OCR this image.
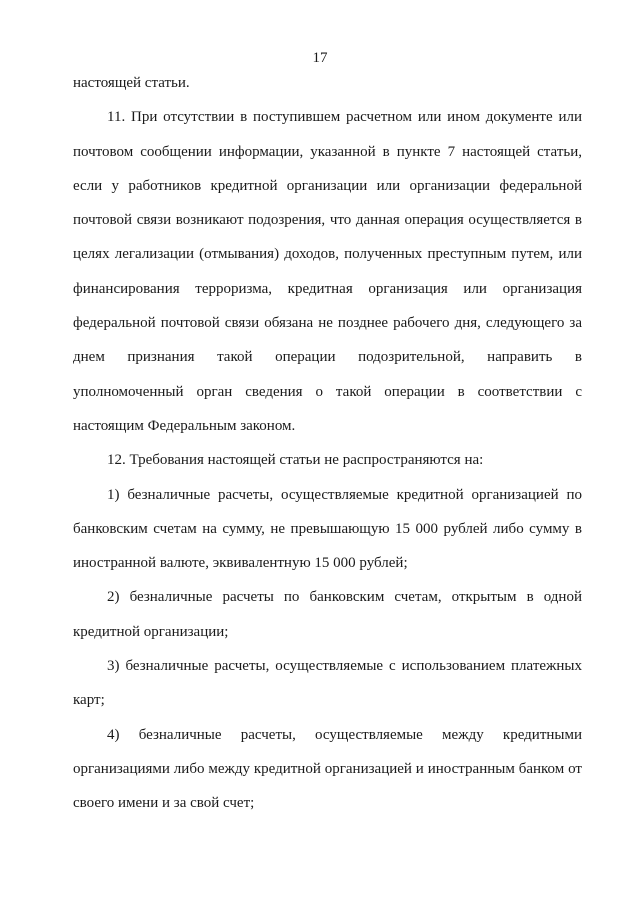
17

настоящей статьи.

11. При отсутствии в поступившем расчетном или ином документе или почтовом сообщении информации, указанной в пункте 7 настоящей статьи, если у работников кредитной организации или организации федеральной почтовой связи возникают подозрения, что данная операция осуществляется в целях легализации (отмывания) доходов, полученных преступным путем, или финансирования терроризма, кредитная организация или организация федеральной почтовой связи обязана не позднее рабочего дня, следующего за днем признания такой операции подозрительной, направить в уполномоченный орган сведения о такой операции в соответствии с настоящим Федеральным законом.

12. Требования настоящей статьи не распространяются на:

1) безналичные расчеты, осуществляемые кредитной организацией по банковским счетам на сумму, не превышающую 15 000 рублей либо сумму в иностранной валюте, эквивалентную 15 000 рублей;

2) безналичные расчеты по банковским счетам, открытым в одной кредитной организации;

3) безналичные расчеты, осуществляемые с использованием платежных карт;

4) безналичные расчеты, осуществляемые между кредитными организациями либо между кредитной организацией и иностранным банком от своего имени и за свой счет;
